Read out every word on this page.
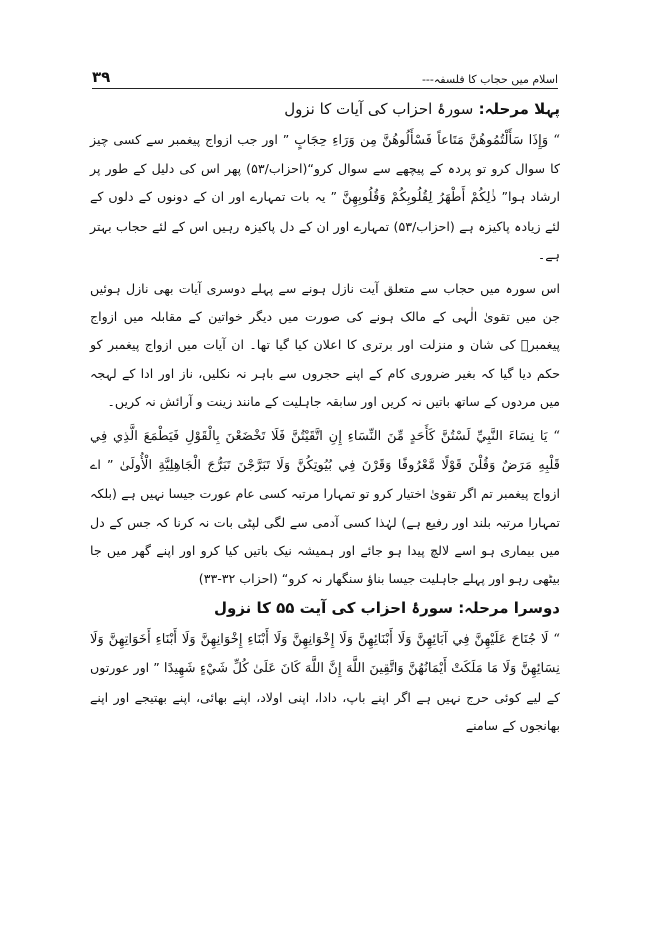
۳۹	اسلام میں حجاب کا فلسفہ---
پہلا مرحلہ: سورۂ احزاب کی آیات کا نزول

“ وَإِذَا سَأَلْتُمُوهُنَّ مَتَاعاً فَسْأَلُوهُنَّ مِن وَرَاءِ حِجَابٍ ” اور جب ازواج پیغمبر سے کسی چیز کا سوال کرو تو پردہ کے پیچھے سے سوال کرو“(احزاب/۵۳) پھر اس کی دلیل کے طور پر ارشاد ہوا” ذٰلِكُمْ أَطْهَرُ لِقُلُوبِكُمْ وَقُلُوبِهِنَّ ” یہ بات تمہارے اور ان کے دونوں کے دلوں کے لئے زیادہ پاکیزہ ہے (احزاب/۵۳) تمہارے اور ان کے دل پاکیزہ رہیں اس کے لئے حجاب بہتر ہے۔

اس سورہ میں حجاب سے متعلق آیت نازل ہونے سے پہلے دوسری آیات بھی نازل ہوئیں جن میں تقویٰ الٰہی کے مالک ہونے کی صورت میں دیگر خواتین کے مقابلہ میں ازواج پیغمبرؐ کی شان و منزلت اور برتری کا اعلان کیا گیا تھا۔ ان آیات میں ازواج پیغمبر کو حکم دیا گیا کہ بغیر ضروری کام کے اپنے حجروں سے باہر نہ نکلیں، ناز اور ادا کے لہجہ میں مردوں کے ساتھ باتیں نہ کریں اور سابقہ جاہلیت کے مانند زینت و آرائش نہ کریں۔

“ يَا نِسَاءَ النَّبِيِّ لَسْتُنَّ كَأَحَدٍ مِّنَ النِّسَاءِ إِنِ اتَّقَيْتُنَّ فَلَا تَخْضَعْنَ بِالْقَوْلِ فَيَطْمَعَ الَّذِي فِي قَلْبِهِ مَرَضٌ وَقُلْنَ قَوْلًا مَّعْرُوفًا وَقَرْنَ فِي بُيُوتِكُنَّ وَلَا تَبَرَّجْنَ تَبَرُّجَ الْجَاهِلِيَّةِ الْأُولَىٰ ” اے ازواج پیغمبر تم اگر تقویٰ اختیار کرو تو تمہارا مرتبہ کسی عام عورت جیسا نہیں ہے (بلکہ تمہارا مرتبہ بلند اور رفیع ہے) لہٰذا کسی آدمی سے لگی لپٹی بات نہ کرنا کہ جس کے دل میں بیماری ہو اسے لالچ پیدا ہو جائے اور ہمیشہ نیک باتیں کیا کرو اور اپنے گھر میں جا بیٹھی رہو اور پہلے جاہلیت جیسا بناؤ سنگھار نہ کرو“ (احزاب ۳۲-۳۳)

دوسرا مرحلہ: سورۂ احزاب کی آیت ۵۵ کا نزول

“ لَا جُنَاحَ عَلَيْهِنَّ فِي آبَائِهِنَّ وَلَا أَبْنَائِهِنَّ وَلَا إِخْوَانِهِنَّ وَلَا أَبْنَاءِ إِخْوَانِهِنَّ وَلَا أَبْنَاءِ أَخَوَاتِهِنَّ وَلَا نِسَائِهِنَّ وَلَا مَا مَلَكَتْ أَيْمَانُهُنَّ وَاتَّقِينَ اللَّهَ إِنَّ اللَّهَ كَانَ عَلَىٰ كُلِّ شَيْءٍ شَهِيدًا ” اور عورتوں کے لیے کوئی حرج نہیں ہے اگر اپنے باپ، دادا، اپنی اولاد، اپنے بھائی، اپنے بھتیجے اور اپنے بھانجوں کے سامنے
